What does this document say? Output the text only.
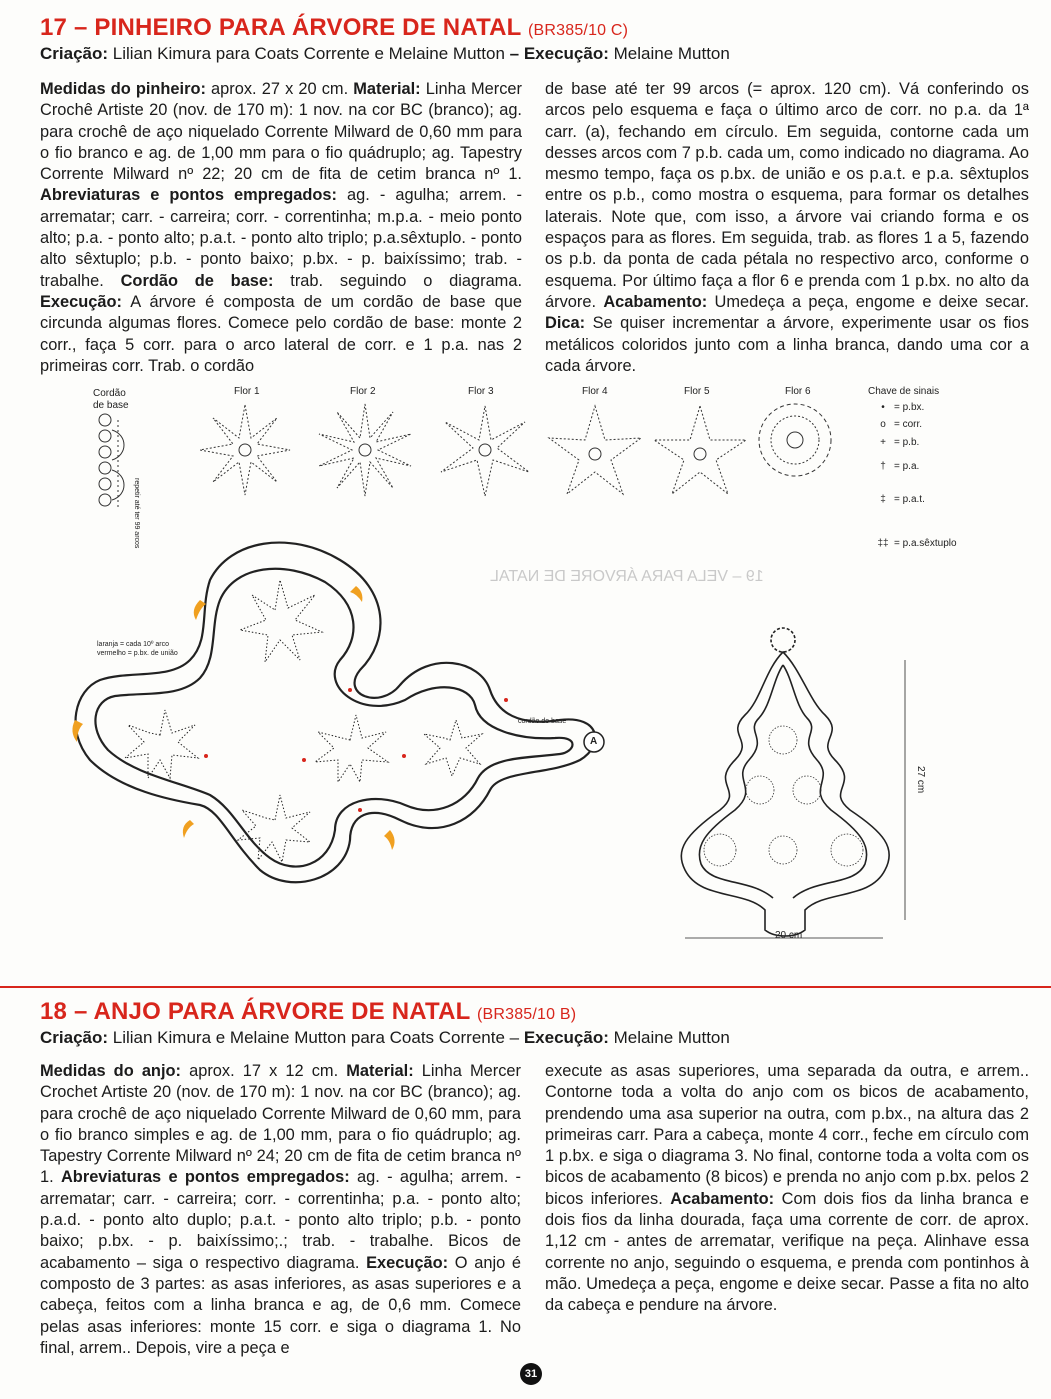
17 – PINHEIRO PARA ÁRVORE DE NATAL (BR385/10 C)
Criação: Lilian Kimura para Coats Corrente e Melaine Mutton – Execução: Melaine Mutton
Medidas do pinheiro: aprox. 27 x 20 cm. Material: Linha Mercer Crochê Artiste 20 (nov. de 170 m): 1 nov. na cor BC (branco); ag. para crochê de aço niquelado Corrente Milward de 0,60 mm para o fio branco e ag. de 1,00 mm para o fio quádruplo; ag. Tapestry Corrente Milward nº 22; 20 cm de fita de cetim branca nº 1. Abreviaturas e pontos empregados: ag. - agulha; arrem. - arrematar; carr. - carreira; corr. - correntinha; m.p.a. - meio ponto alto; p.a. - ponto alto; p.a.t. - ponto alto triplo; p.a.sêxtuplo. - ponto alto sêxtuplo; p.b. - ponto baixo; p.bx. - p. baixíssimo; trab. - trabalhe. Cordão de base: trab. seguindo o diagrama. Execução: A árvore é composta de um cordão de base que circunda algumas flores. Comece pelo cordão de base: monte 2 corr., faça 5 corr. para o arco lateral de corr. e 1 p.a. nas 2 primeiras corr. Trab. o cordão
de base até ter 99 arcos (= aprox. 120 cm). Vá conferindo os arcos pelo esquema e faça o último arco de corr. no p.a. da 1ª carr. (a), fechando em círculo. Em seguida, contorne cada um desses arcos com 7 p.b. cada um, como indicado no diagrama. Ao mesmo tempo, faça os p.bx. de união e os p.a.t. e p.a. sêxtuplos entre os p.b., como mostra o esquema, para formar os detalhes laterais. Note que, com isso, a árvore vai criando forma e os espaços para as flores. Em seguida, trab. as flores 1 a 5, fazendo os p.b. da ponta de cada pétala no respectivo arco, conforme o esquema. Por último faça a flor 6 e prenda com 1 p.bx. no alto da árvore. Acabamento: Umedeça a peça, engome e deixe secar. Dica: Se quiser incrementar a árvore, experimente usar os fios metálicos coloridos junto com a linha branca, dando uma cor a cada árvore.
Cordão
de base
repetir até ter 99 arcos
Flor 1	Flor 2	Flor 3	Flor 4	Flor 5	Flor 6	Chave de sinais
• = p.bx.
o = corr.
+ = p.b.
† = p.a.
‡ = p.a.t.
‡‡ = p.a.sêxtuplo
A
laranja = cada 10º arco
vermelho = p.bx. de união
cordão de base
27 cm
20 cm
19 – VELA PARA ÁRVORE DE NATAL
18 – ANJO PARA ÁRVORE DE NATAL (BR385/10 B)
Criação: Lilian Kimura e Melaine Mutton para Coats Corrente – Execução: Melaine Mutton
Medidas do anjo: aprox. 17 x 12 cm. Material: Linha Mercer Crochet Artiste 20 (nov. de 170 m): 1 nov. na cor BC (branco); ag. para crochê de aço niquelado Corrente Milward de 0,60 mm, para o fio branco simples e ag. de 1,00 mm, para o fio quádruplo; ag. Tapestry Corrente Milward nº 24; 20 cm de fita de cetim branca nº 1. Abreviaturas e pontos empregados: ag. - agulha; arrem. - arrematar; carr. - carreira; corr. - correntinha; p.a. - ponto alto; p.a.d. - ponto alto duplo; p.a.t. - ponto alto triplo; p.b. - ponto baixo; p.bx. - p. baixíssimo;.; trab. - trabalhe. Bicos de acabamento – siga o respectivo diagrama. Execução: O anjo é composto de 3 partes: as asas inferiores, as asas superiores e a cabeça, feitos com a linha branca e ag, de 0,6 mm. Comece pelas asas inferiores: monte 15 corr. e siga o diagrama 1. No final, arrem.. Depois, vire a peça e
execute as asas superiores, uma separada da outra, e arrem.. Contorne toda a volta do anjo com os bicos de acabamento, prendendo uma asa superior na outra, com p.bx., na altura das 2 primeiras carr. Para a cabeça, monte 4 corr., feche em círculo com 1 p.bx. e siga o diagrama 3. No final, contorne toda a volta com os bicos de acabamento (8 bicos) e prenda no anjo com p.bx. pelos 2 bicos inferiores. Acabamento: Com dois fios da linha branca e dois fios da linha dourada, faça uma corrente de corr. de aprox. 1,12 cm - antes de arrematar, verifique na peça. Alinhave essa corrente no anjo, seguindo o esquema, e prenda com pontinhos à mão. Umedeça a peça, engome e deixe secar. Passe a fita no alto da cabeça e pendure na árvore.
31
